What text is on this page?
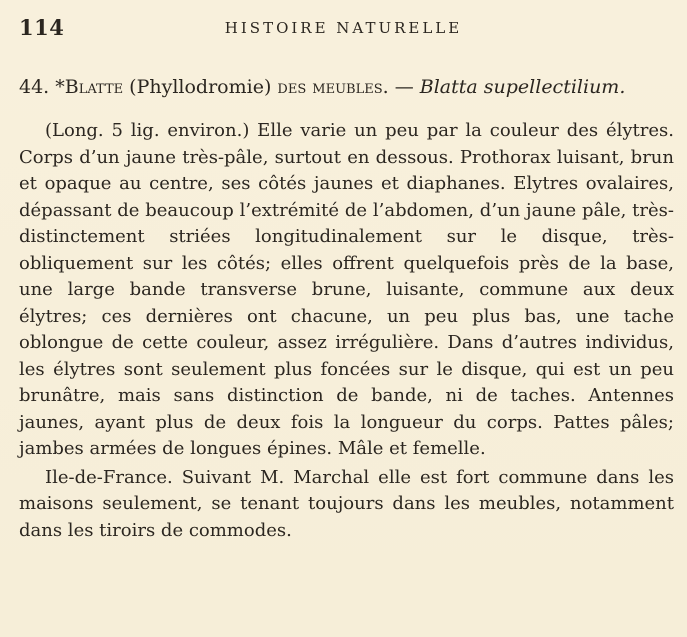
114	HISTOIRE NATURELLE
44. *Blatte (Phyllodromie) des meubles. — Blatta supellectilium.

(Long. 5 lig. environ.) Elle varie un peu par la couleur des élytres. Corps d’un jaune très-pâle, surtout en dessous. Prothorax luisant, brun et opaque au centre, ses côtés jaunes et diaphanes. Elytres ovalaires, dépassant de beaucoup l’extrémité de l’abdomen, d’un jaune pâle, très-distinctement striées longitudinalement sur le disque, très-obliquement sur les côtés; elles offrent quelquefois près de la base, une large bande transverse brune, luisante, commune aux deux élytres; ces dernières ont chacune, un peu plus bas, une tache oblongue de cette couleur, assez irrégulière. Dans d’autres individus, les élytres sont seulement plus foncées sur le disque, qui est un peu brunâtre, mais sans distinction de bande, ni de taches. Antennes jaunes, ayant plus de deux fois la longueur du corps. Pattes pâles; jambes armées de longues épines. Mâle et femelle.

Ile-de-France. Suivant M. Marchal elle est fort commune dans les maisons seulement, se tenant toujours dans les meubles, notamment dans les tiroirs de commodes.
